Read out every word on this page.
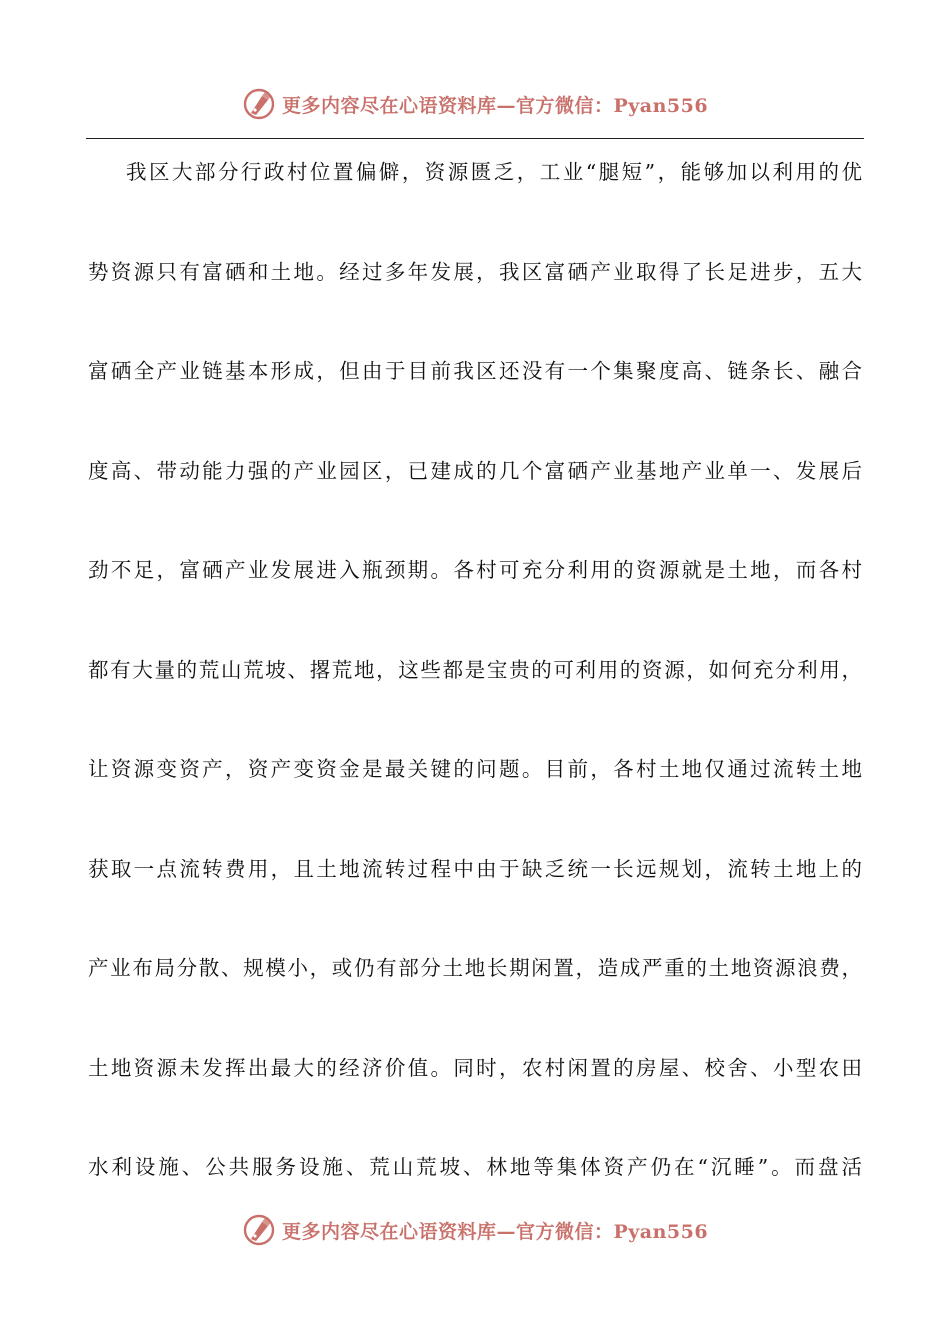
更多内容尽在心语资料库—官方微信：Pyan556
我区大部分行政村位置偏僻，资源匮乏，工业“腿短”，能够加以利用的优
势资源只有富硒和土地。经过多年发展，我区富硒产业取得了长足进步，五大
富硒全产业链基本形成，但由于目前我区还没有一个集聚度高、链条长、融合
度高、带动能力强的产业园区，已建成的几个富硒产业基地产业单一、发展后
劲不足，富硒产业发展进入瓶颈期。各村可充分利用的资源就是土地，而各村
都有大量的荒山荒坡、撂荒地，这些都是宝贵的可利用的资源，如何充分利用，
让资源变资产，资产变资金是最关键的问题。目前，各村土地仅通过流转土地
获取一点流转费用，且土地流转过程中由于缺乏统一长远规划，流转土地上的
产业布局分散、规模小，或仍有部分土地长期闲置，造成严重的土地资源浪费，
土地资源未发挥出最大的经济价值。同时，农村闲置的房屋、校舍、小型农田
水利设施、公共服务设施、荒山荒坡、林地等集体资产仍在“沉睡”。而盘活
更多内容尽在心语资料库—官方微信：Pyan556
